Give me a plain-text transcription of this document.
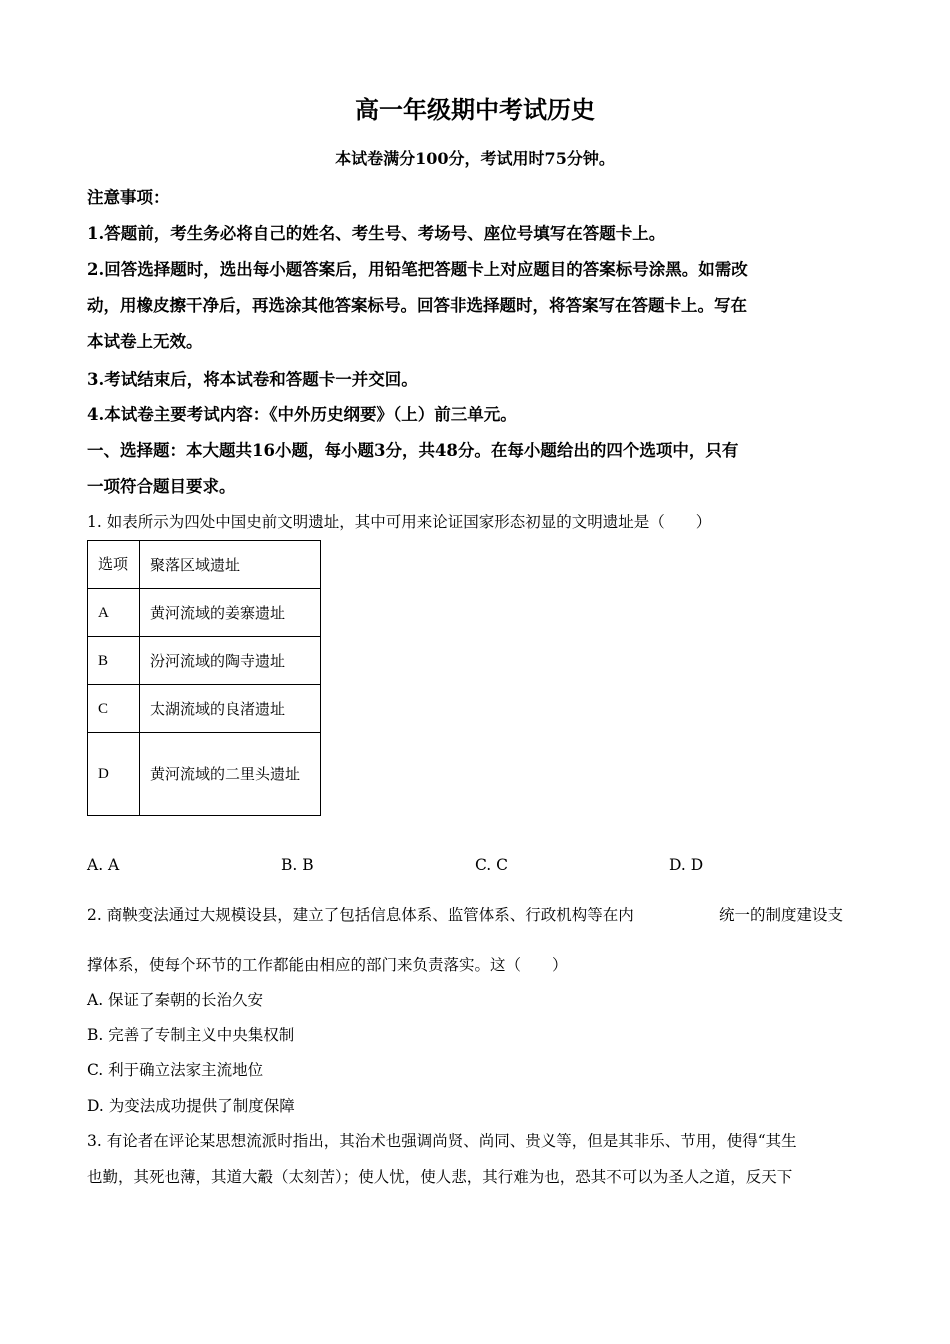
高一年级期中考试历史
本试卷满分100分，考试用时75分钟。
注意事项：
1.答题前，考生务必将自己的姓名、考生号、考场号、座位号填写在答题卡上。
2.回答选择题时，选出每小题答案后，用铅笔把答题卡上对应题目的答案标号涂黑。如需改
动，用橡皮擦干净后，再选涂其他答案标号。回答非选择题时，将答案写在答题卡上。写在
本试卷上无效。
3.考试结束后，将本试卷和答题卡一并交回。
4.本试卷主要考试内容：《中外历史纲要》（上）前三单元。
一、选择题：本大题共16小题，每小题3分，共48分。在每小题给出的四个选项中，只有
一项符合题目要求。
1. 如表所示为四处中国史前文明遗址，其中可用来论证国家形态初显的文明遗址是（　　）
选项	聚落区域遗址
A	黄河流域的姜寨遗址
B	汾河流域的陶寺遗址
C	太湖流域的良渚遗址
D	黄河流域的二里头遗址
A. A	B. B	C. C	D. D
2. 商鞅变法通过大规模设县，建立了包括信息体系、监管体系、行政机构等在内	统一的制度建设支
撑体系，使每个环节的工作都能由相应的部门来负责落实。这（　　）
A. 保证了秦朝的长治久安
B. 完善了专制主义中央集权制
C. 利于确立法家主流地位
D. 为变法成功提供了制度保障
3. 有论者在评论某思想流派时指出，其治术也强调尚贤、尚同、贵义等，但是其非乐、节用，使得“其生
也勤，其死也薄，其道大觳（太刻苦）；使人忧，使人悲，其行难为也，恐其不可以为圣人之道，反天下
